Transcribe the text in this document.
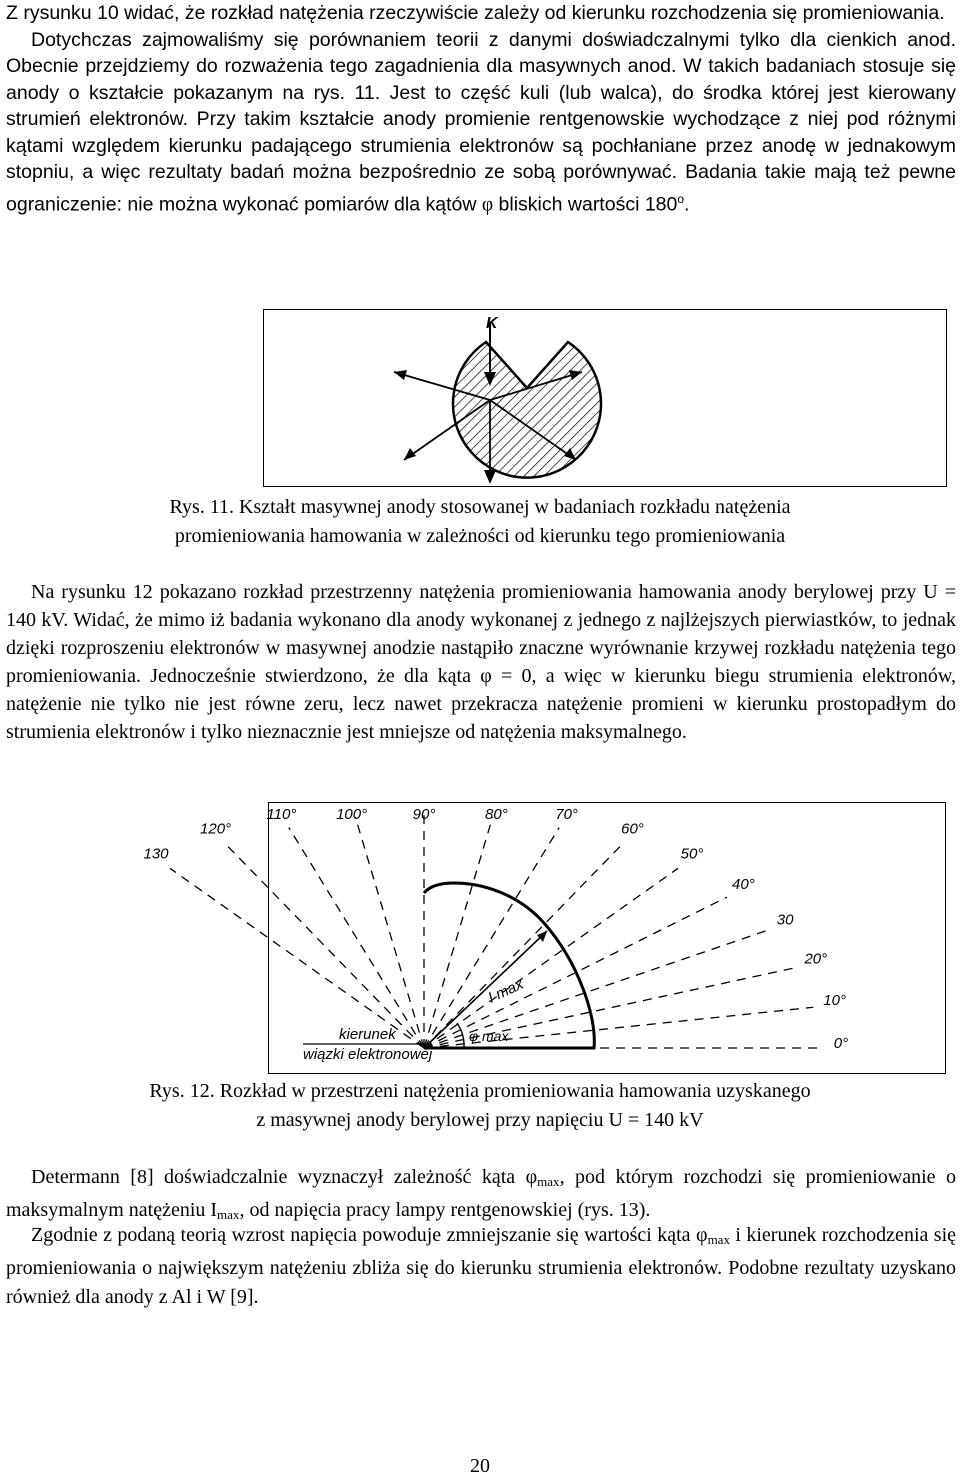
Z rysunku 10 widać, że rozkład natężenia rzeczywiście zależy od kierunku rozchodzenia się promieniowania.
Dotychczas zajmowaliśmy się porównaniem teorii z danymi doświadczalnymi tylko dla cienkich anod. Obecnie przejdziemy do rozważenia tego zagadnienia dla masywnych anod. W takich badaniach stosuje się anody o kształcie pokazanym na rys. 11. Jest to część kuli (lub walca), do środka której jest kierowany strumień elektronów. Przy takim kształcie anody promienie rentgenowskie wychodzące z niej pod różnymi kątami względem kierunku padającego strumienia elektronów są pochłaniane przez anodę w jednakowym stopniu, a więc rezultaty badań można bezpośrednio ze sobą porównywać. Badania takie mają też pewne ograniczenie: nie można wykonać pomiarów dla kątów φ bliskich wartości 180$^o$.
K
Rys. 11. Kształt masywnej anody stosowanej w badaniach rozkładu natężenia
promieniowania hamowania w zależności od kierunku tego promieniowania
Na rysunku 12 pokazano rozkład przestrzenny natężenia promieniowania hamowania anody berylowej przy U = 140 kV. Widać, że mimo iż badania wykonano dla anody wykonanej z jednego z najlżejszych pierwiastków, to jednak dzięki rozproszeniu elektronów w masywnej anodzie nastąpiło znaczne wyrównanie krzywej rozkładu natężenia tego promieniowania. Jednocześnie stwierdzono, że dla kąta φ = 0, a więc w kierunku biegu strumienia elektronów, natężenie nie tylko nie jest równe zeru, lecz nawet przekracza natężenie promieni w kierunku prostopadłym do strumienia elektronów i tylko nieznacznie jest mniejsze od natężenia maksymalnego.
0°
10°
20°
30
40°
50°
60°
70°
80°
90°
100°
110°
120°
130
I max
φ max
kierunek
wiązki elektronowej
Rys. 12. Rozkład w przestrzeni natężenia promieniowania hamowania uzyskanego
z masywnej anody berylowej przy napięciu U = 140 kV
Determann [8] doświadczalnie wyznaczył zależność kąta $\varphi_{max}$, pod którym rozchodzi się promieniowanie o maksymalnym natężeniu $I_{max}$, od napięcia pracy lampy rentgenowskiej (rys. 13).
Zgodnie z podaną teorią wzrost napięcia powoduje zmniejszanie się wartości kąta $\varphi_{max}$ i kierunek rozchodzenia się promieniowania o największym natężeniu zbliża się do kierunku strumienia elektronów. Podobne rezultaty uzyskano również dla anody z Al i W [9].
20
